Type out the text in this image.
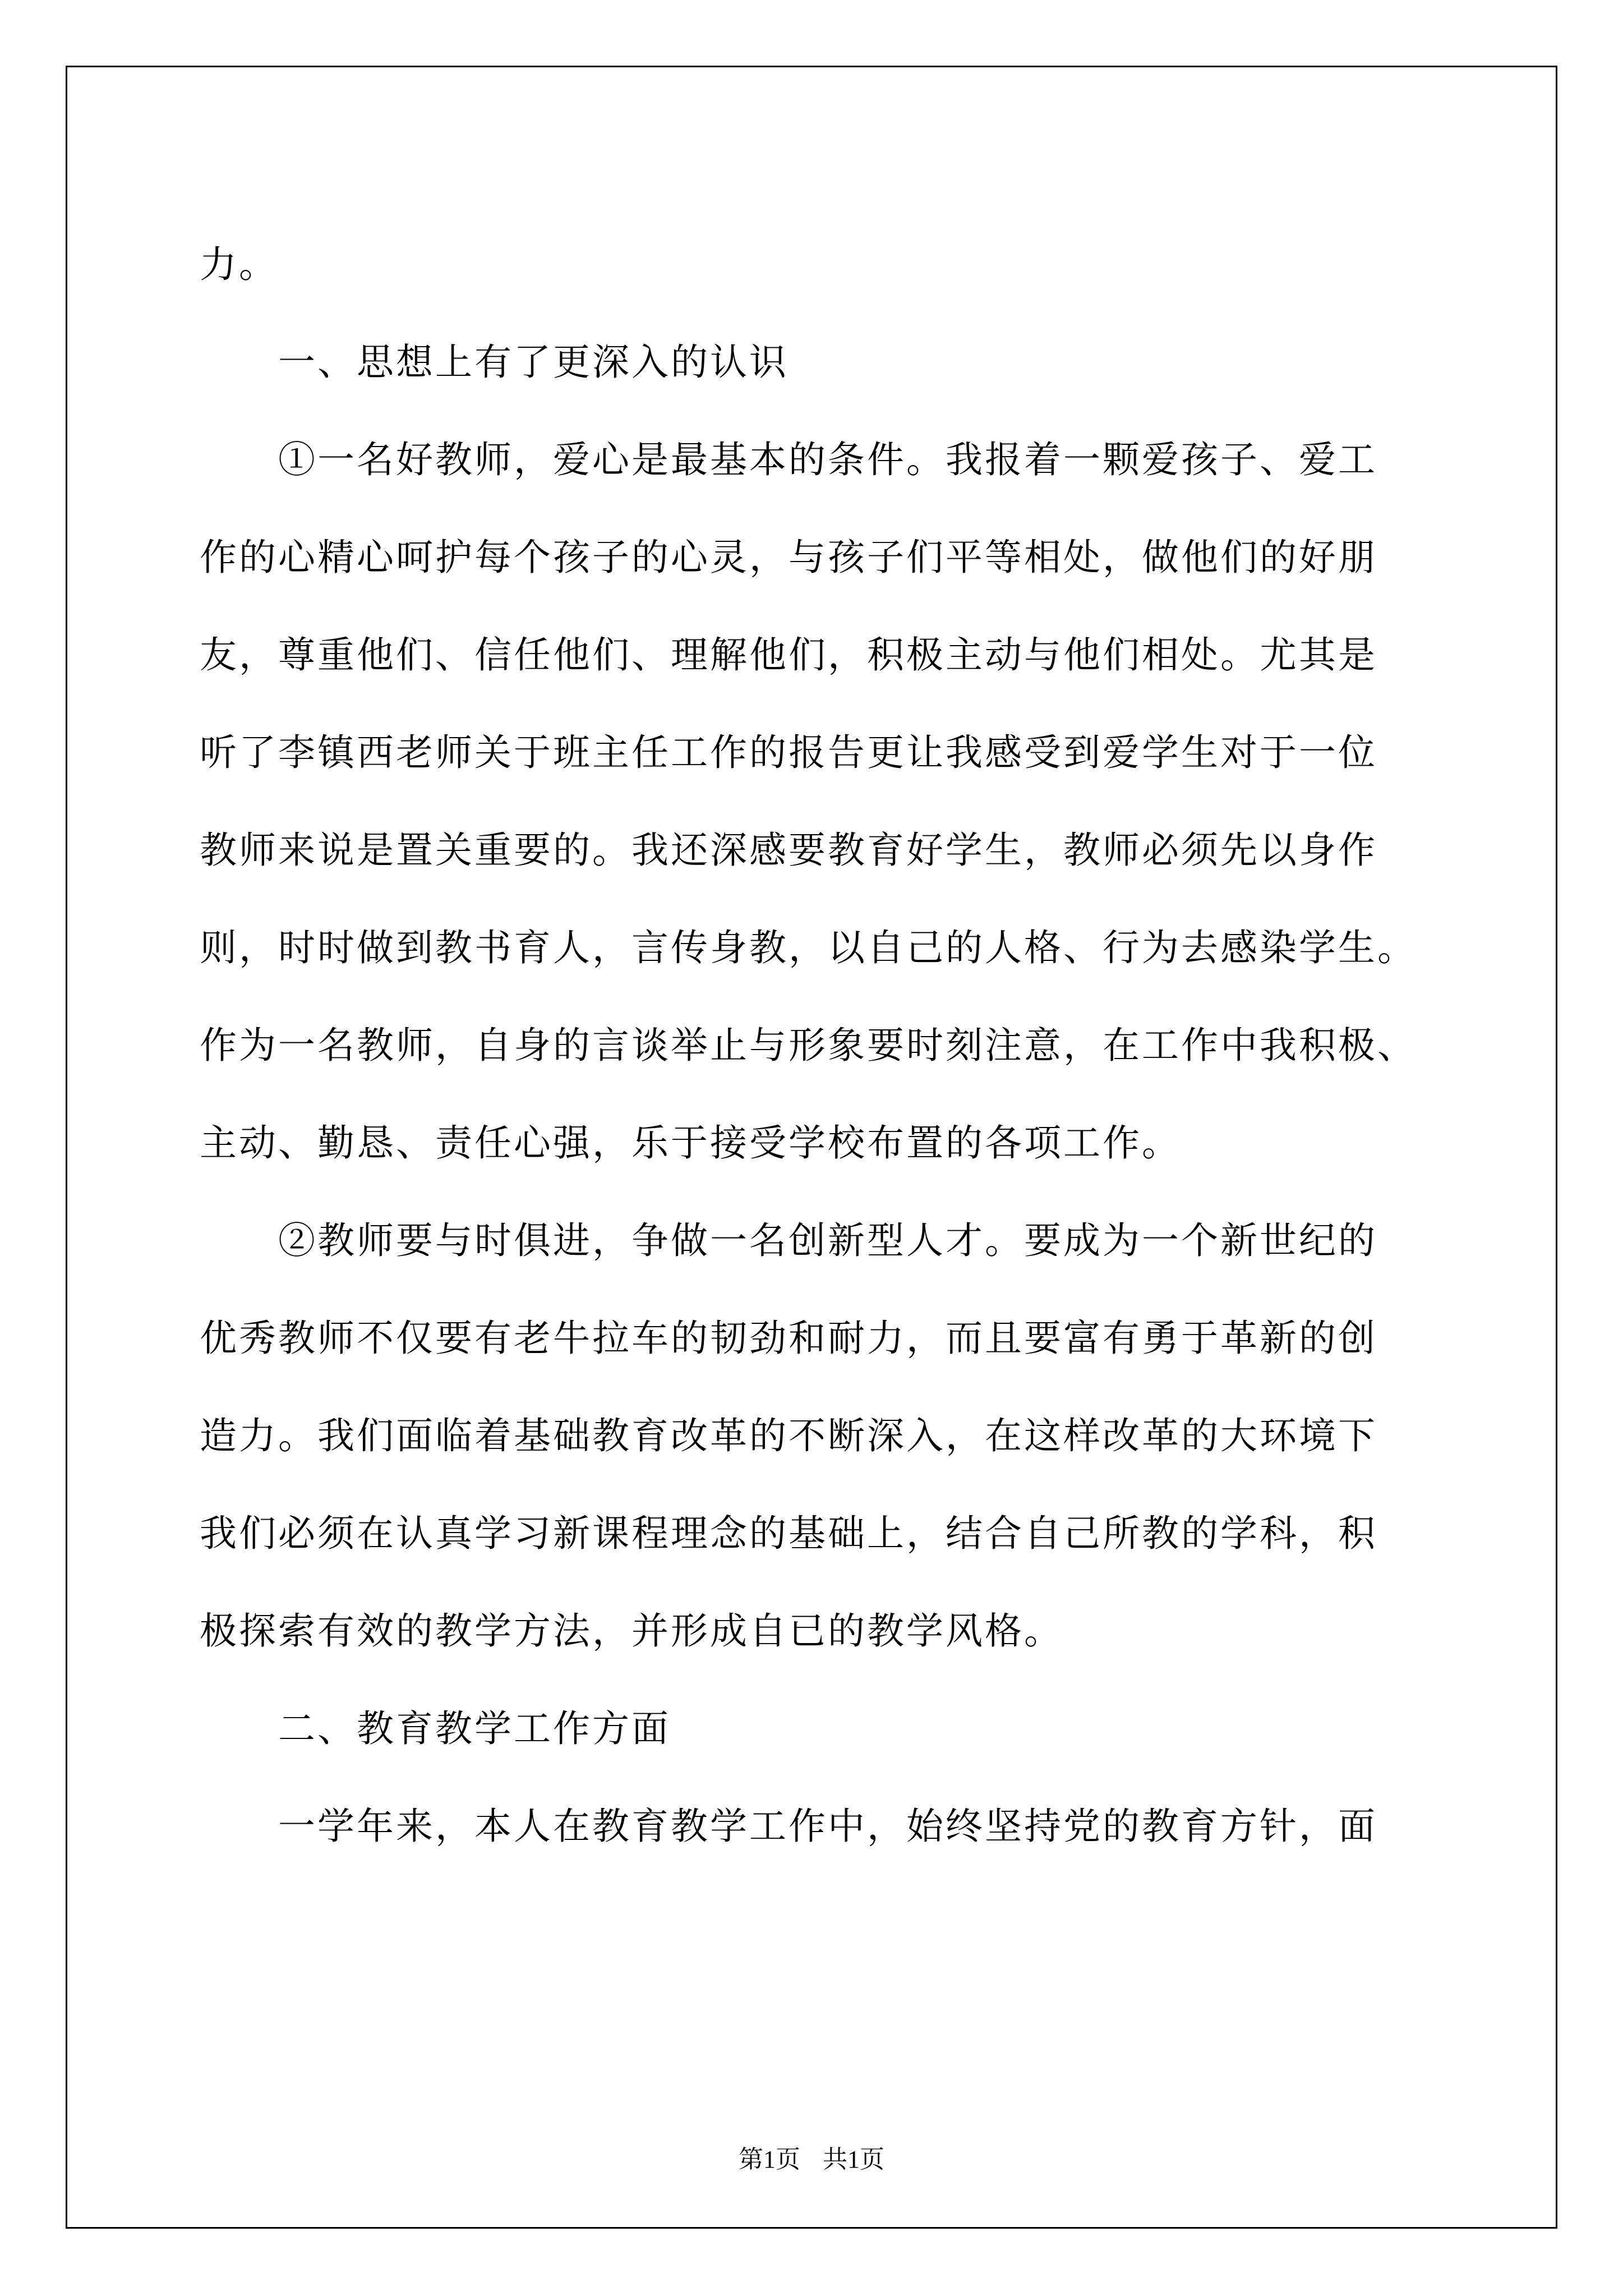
力。
一、思想上有了更深入的认识
①一名好教师，爱心是最基本的条件。我报着一颗爱孩子、爱工
作的心精心呵护每个孩子的心灵，与孩子们平等相处，做他们的好朋
友，尊重他们、信任他们、理解他们，积极主动与他们相处。尤其是
听了李镇西老师关于班主任工作的报告更让我感受到爱学生对于一位
教师来说是置关重要的。我还深感要教育好学生，教师必须先以身作
则，时时做到教书育人，言传身教，以自己的人格、行为去感染学生。
作为一名教师，自身的言谈举止与形象要时刻注意，在工作中我积极、
主动、勤恳、责任心强，乐于接受学校布置的各项工作。
②教师要与时俱进，争做一名创新型人才。要成为一个新世纪的
优秀教师不仅要有老牛拉车的韧劲和耐力，而且要富有勇于革新的创
造力。我们面临着基础教育改革的不断深入，在这样改革的大环境下
我们必须在认真学习新课程理念的基础上，结合自己所教的学科，积
极探索有效的教学方法，并形成自已的教学风格。
二、教育教学工作方面
一学年来，本人在教育教学工作中，始终坚持党的教育方针，面
第1页 共1页
